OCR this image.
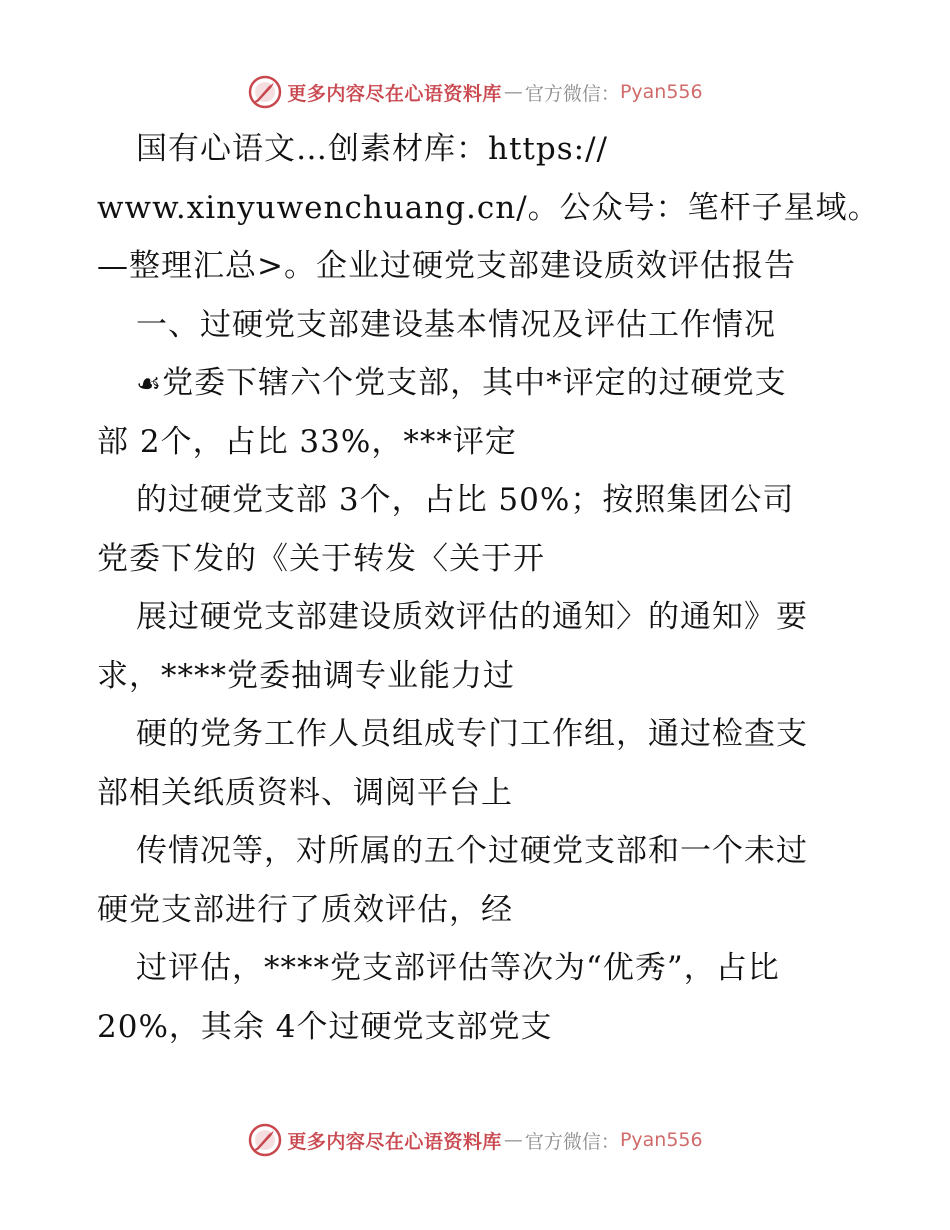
更多内容尽在心语资料库 — 官方微信： Pyan556
国有心语文…创素材库：https://
www.xinyuwenchuang.cn/。公众号：笔杆子星域。
—整理汇总>。企业过硬党支部建设质效评估报告
一、过硬党支部建设基本情况及评估工作情况
☙党委下辖六个党支部，其中*评定的过硬党支
部 2个，占比 33%，***评定
的过硬党支部 3个，占比 50%；按照集团公司
党委下发的《关于转发〈关于开
展过硬党支部建设质效评估的通知〉的通知》要
求，****党委抽调专业能力过
硬的党务工作人员组成专门工作组，通过检查支
部相关纸质资料、调阅平台上
传情况等，对所属的五个过硬党支部和一个未过
硬党支部进行了质效评估，经
过评估，****党支部评估等次为“优秀”，占比
20%，其余 4个过硬党支部党支
更多内容尽在心语资料库 — 官方微信： Pyan556
